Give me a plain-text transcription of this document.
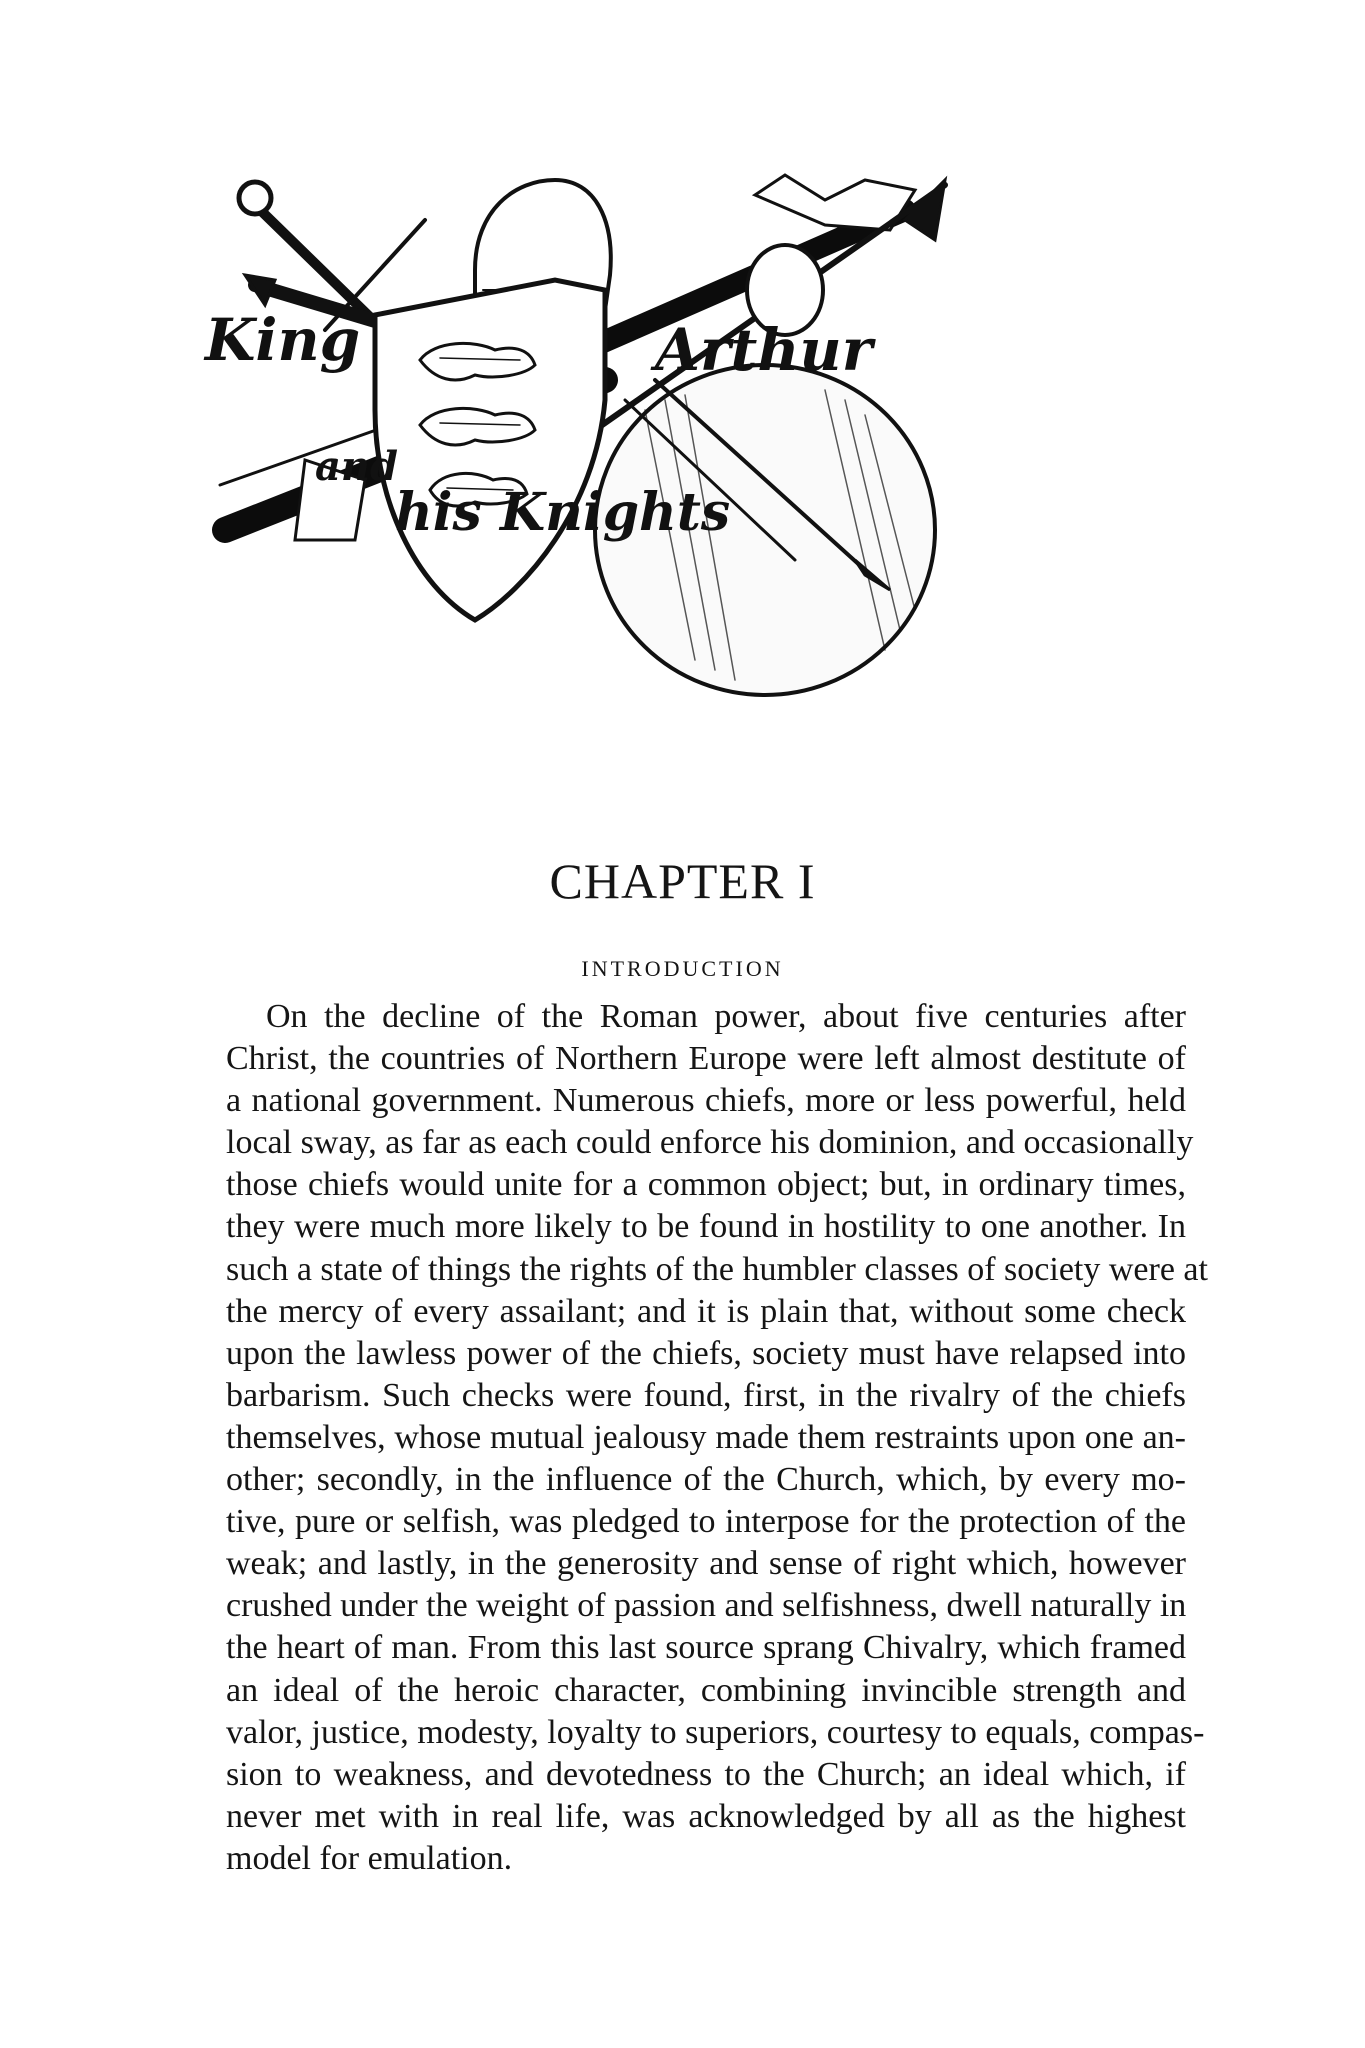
King	Arthur
and
his Knights
CHAPTER I
introduction
On the decline of the Roman power, about five centuries after
Christ, the countries of Northern Europe were left almost destitute of
a national government. Numerous chiefs, more or less powerful, held
local sway, as far as each could enforce his dominion, and occasionally
those chiefs would unite for a common object; but, in ordinary times,
they were much more likely to be found in hostility to one another. In
such a state of things the rights of the humbler classes of society were at
the mercy of every assailant; and it is plain that, without some check
upon the lawless power of the chiefs, society must have relapsed into
barbarism. Such checks were found, first, in the rivalry of the chiefs
themselves, whose mutual jealousy made them restraints upon one an-
other; secondly, in the influence of the Church, which, by every mo-
tive, pure or selfish, was pledged to interpose for the protection of the
weak; and lastly, in the generosity and sense of right which, however
crushed under the weight of passion and selfishness, dwell naturally in
the heart of man. From this last source sprang Chivalry, which framed
an ideal of the heroic character, combining invincible strength and
valor, justice, modesty, loyalty to superiors, courtesy to equals, compas-
sion to weakness, and devotedness to the Church; an ideal which, if
never met with in real life, was acknowledged by all as the highest
model for emulation.
